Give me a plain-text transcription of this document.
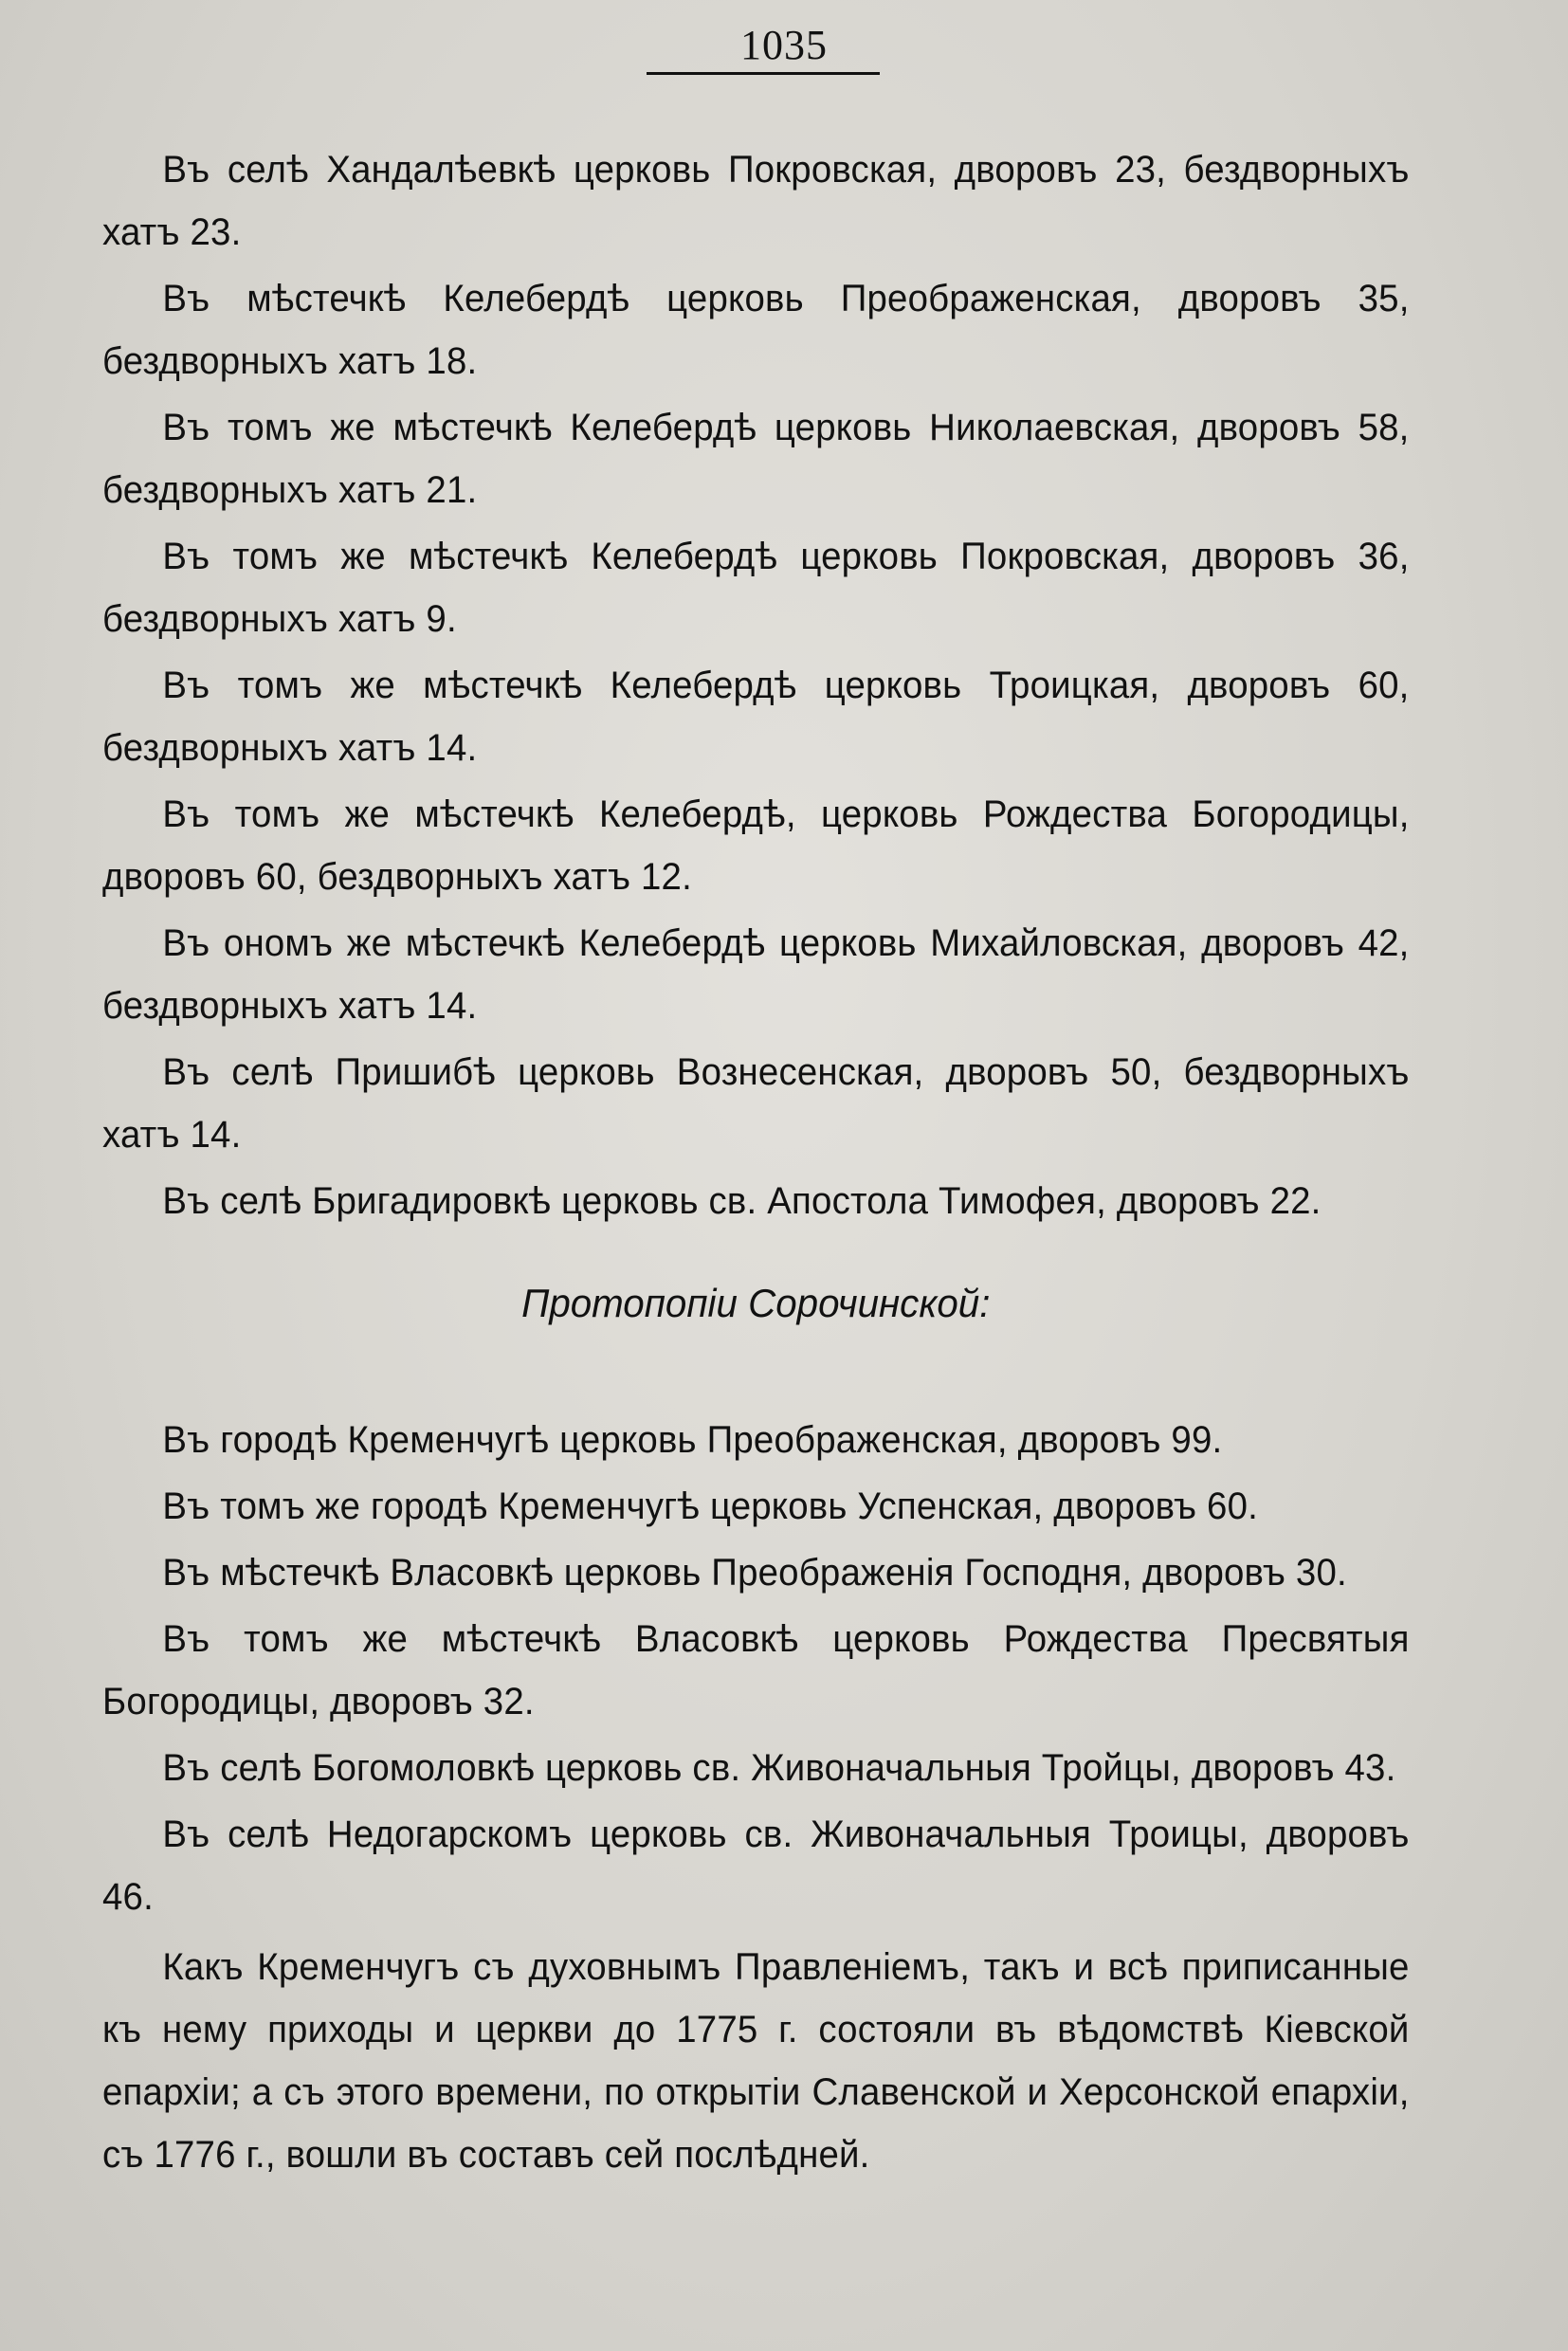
1035

Въ селѣ Хандалѣевкѣ церковь Покровская, дворовъ 23, бездворныхъ хатъ 23.

Въ мѣстечкѣ Келебердѣ церковь Преображенская, дворовъ 35, бездворныхъ хатъ 18.

Въ томъ же мѣстечкѣ Келебердѣ церковь Николаевская, дворовъ 58, бездворныхъ хатъ 21.

Въ томъ же мѣстечкѣ Келебердѣ церковь Покровская, дворовъ 36, бездворныхъ хатъ 9.

Въ томъ же мѣстечкѣ Келебердѣ церковь Троицкая, дворовъ 60, бездворныхъ хатъ 14.

Въ томъ же мѣстечкѣ Келебердѣ, церковь Рождества Богородицы, дворовъ 60, бездворныхъ хатъ 12.

Въ ономъ же мѣстечкѣ Келебердѣ церковь Михайловская, дворовъ 42, бездворныхъ хатъ 14.

Въ селѣ Пришибѣ церковь Вознесенская, дворовъ 50, бездворныхъ хатъ 14.

Въ селѣ Бригадировкѣ церковь св. Апостола Тимофея, дворовъ 22.

Протопопіи Сорочинской:

Въ городѣ Кременчугѣ церковь Преображенская, дворовъ 99.

Въ томъ же городѣ Кременчугѣ церковь Успенская, дворовъ 60.

Въ мѣстечкѣ Власовкѣ церковь Преображенія Господня, дворовъ 30.

Въ томъ же мѣстечкѣ Власовкѣ церковь Рождества Пресвятыя Богородицы, дворовъ 32.

Въ селѣ Богомоловкѣ церковь св. Живоначальныя Тройцы, дворовъ 43.

Въ селѣ Недогарскомъ церковь св. Живоначальныя Троицы, дворовъ 46.

Какъ Кременчугъ съ духовнымъ Правленіемъ, такъ и всѣ приписанные къ нему приходы и церкви до 1775 г. состояли въ вѣдомствѣ Кіевской епархіи; а съ этого времени, по открытіи Славенской и Херсонской епархіи, съ 1776 г., вошли въ составъ сей послѣдней.
